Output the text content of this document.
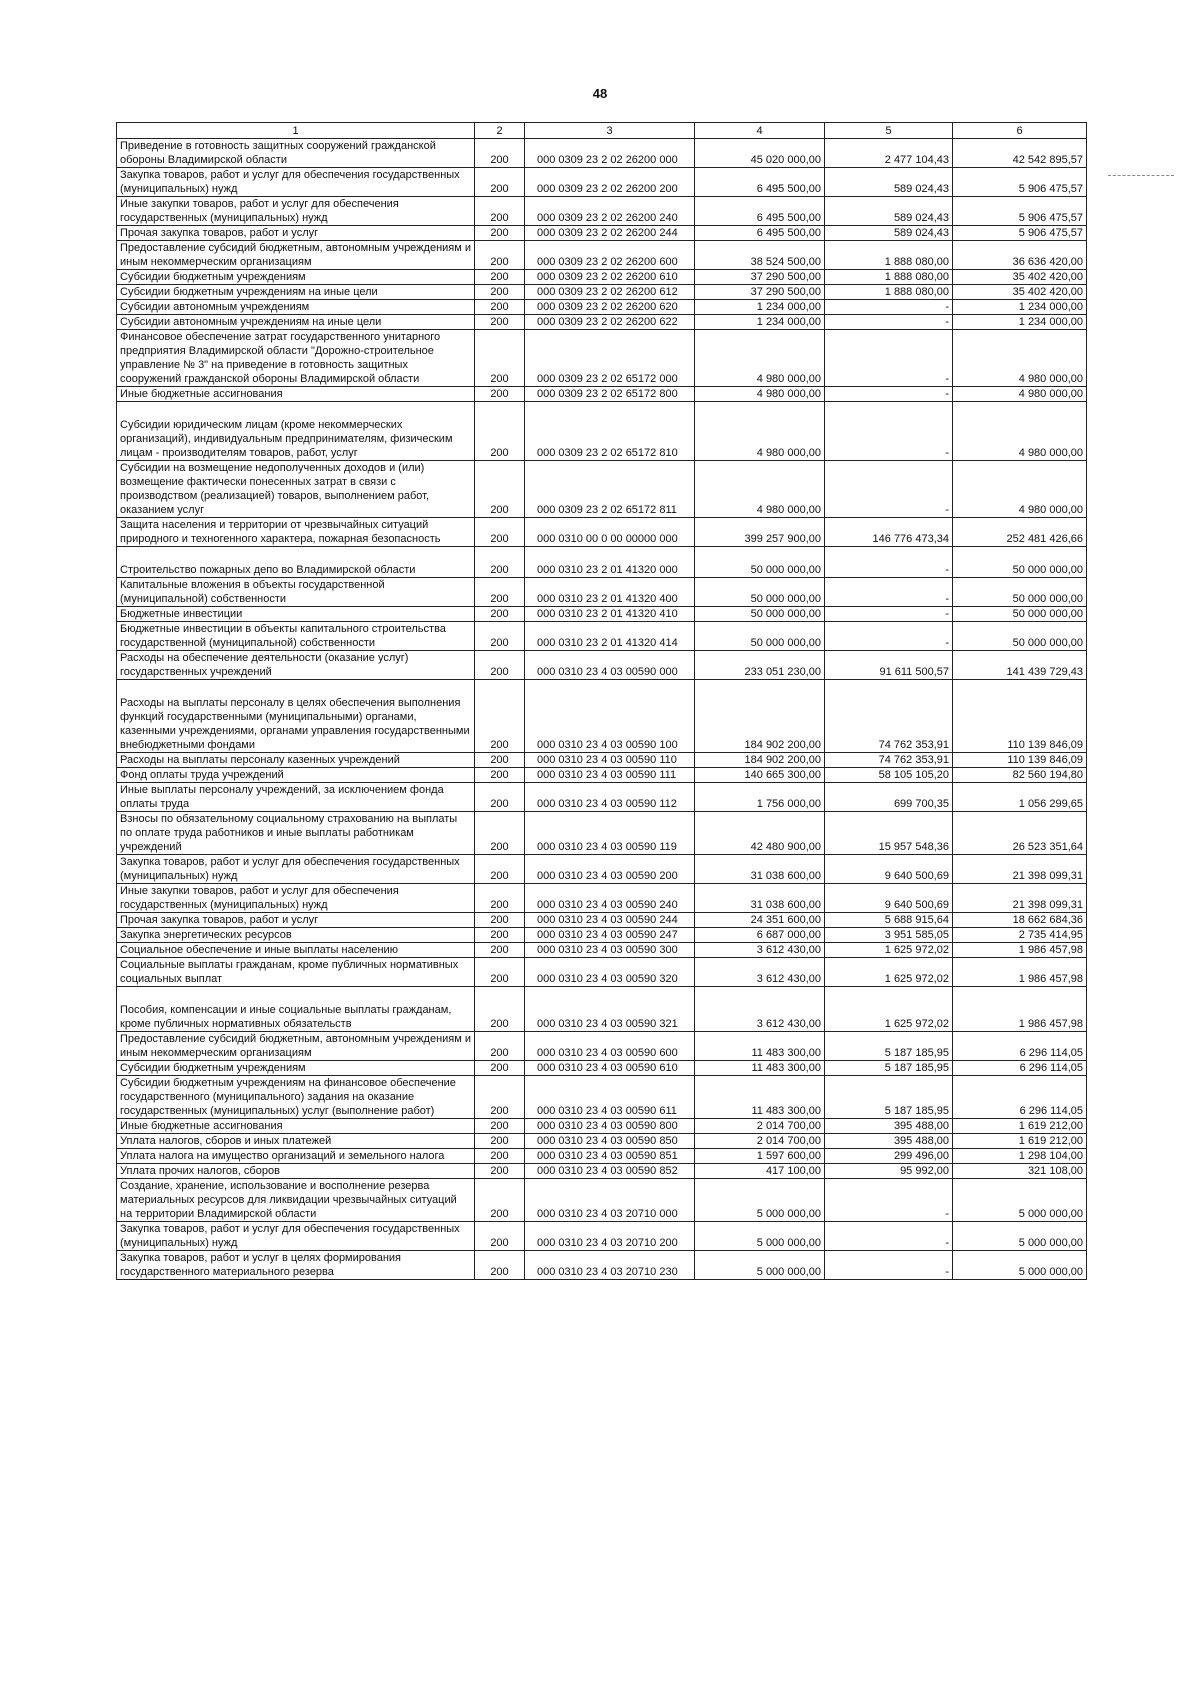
48
1	2	3	4	5	6
Приведение в готовность защитных сооружений гражданской обороны Владимирской области	200	000 0309 23 2 02 26200 000	45 020 000,00	2 477 104,43	42 542 895,57
Закупка товаров, работ и услуг для обеспечения государственных (муниципальных) нужд	200	000 0309 23 2 02 26200 200	6 495 500,00	589 024,43	5 906 475,57
Иные закупки товаров, работ и услуг для обеспечения государственных (муниципальных) нужд	200	000 0309 23 2 02 26200 240	6 495 500,00	589 024,43	5 906 475,57
Прочая закупка товаров, работ и услуг	200	000 0309 23 2 02 26200 244	6 495 500,00	589 024,43	5 906 475,57
Предоставление субсидий бюджетным, автономным учреждениям и иным некоммерческим организациям	200	000 0309 23 2 02 26200 600	38 524 500,00	1 888 080,00	36 636 420,00
Субсидии бюджетным учреждениям	200	000 0309 23 2 02 26200 610	37 290 500,00	1 888 080,00	35 402 420,00
Субсидии бюджетным учреждениям на иные цели	200	000 0309 23 2 02 26200 612	37 290 500,00	1 888 080,00	35 402 420,00
Субсидии автономным учреждениям	200	000 0309 23 2 02 26200 620	1 234 000,00	-	1 234 000,00
Субсидии автономным учреждениям на иные цели	200	000 0309 23 2 02 26200 622	1 234 000,00	-	1 234 000,00
Финансовое обеспечение затрат государственного унитарного предприятия Владимирской области "Дорожно-строительное управление № 3" на приведение в готовность защитных сооружений гражданской обороны Владимирской области	200	000 0309 23 2 02 65172 000	4 980 000,00	-	4 980 000,00
Иные бюджетные ассигнования	200	000 0309 23 2 02 65172 800	4 980 000,00	-	4 980 000,00
Субсидии юридическим лицам (кроме некоммерческих организаций), индивидуальным предпринимателям, физическим лицам - производителям товаров, работ, услуг	200	000 0309 23 2 02 65172 810	4 980 000,00	-	4 980 000,00
Субсидии на возмещение недополученных доходов и (или) возмещение фактически понесенных затрат в связи с производством (реализацией) товаров, выполнением работ, оказанием услуг	200	000 0309 23 2 02 65172 811	4 980 000,00	-	4 980 000,00
Защита населения и территории от чрезвычайных ситуаций природного и техногенного характера, пожарная безопасность	200	000 0310 00 0 00 00000 000	399 257 900,00	146 776 473,34	252 481 426,66
Строительство пожарных депо во Владимирской области	200	000 0310 23 2 01 41320 000	50 000 000,00	-	50 000 000,00
Капитальные вложения в объекты государственной (муниципальной) собственности	200	000 0310 23 2 01 41320 400	50 000 000,00	-	50 000 000,00
Бюджетные инвестиции	200	000 0310 23 2 01 41320 410	50 000 000,00	-	50 000 000,00
Бюджетные инвестиции в объекты капитального строительства государственной (муниципальной) собственности	200	000 0310 23 2 01 41320 414	50 000 000,00	-	50 000 000,00
Расходы на обеспечение деятельности (оказание услуг) государственных учреждений	200	000 0310 23 4 03 00590 000	233 051 230,00	91 611 500,57	141 439 729,43
Расходы на выплаты персоналу в целях обеспечения выполнения функций государственными (муниципальными) органами, казенными учреждениями, органами управления государственными внебюджетными фондами	200	000 0310 23 4 03 00590 100	184 902 200,00	74 762 353,91	110 139 846,09
Расходы на выплаты персоналу казенных учреждений	200	000 0310 23 4 03 00590 110	184 902 200,00	74 762 353,91	110 139 846,09
Фонд оплаты труда учреждений	200	000 0310 23 4 03 00590 111	140 665 300,00	58 105 105,20	82 560 194,80
Иные выплаты персоналу учреждений, за исключением фонда оплаты труда	200	000 0310 23 4 03 00590 112	1 756 000,00	699 700,35	1 056 299,65
Взносы по обязательному социальному страхованию на выплаты по оплате труда работников и иные выплаты работникам учреждений	200	000 0310 23 4 03 00590 119	42 480 900,00	15 957 548,36	26 523 351,64
Закупка товаров, работ и услуг для обеспечения государственных (муниципальных) нужд	200	000 0310 23 4 03 00590 200	31 038 600,00	9 640 500,69	21 398 099,31
Иные закупки товаров, работ и услуг для обеспечения государственных (муниципальных) нужд	200	000 0310 23 4 03 00590 240	31 038 600,00	9 640 500,69	21 398 099,31
Прочая закупка товаров, работ и услуг	200	000 0310 23 4 03 00590 244	24 351 600,00	5 688 915,64	18 662 684,36
Закупка энергетических ресурсов	200	000 0310 23 4 03 00590 247	6 687 000,00	3 951 585,05	2 735 414,95
Социальное обеспечение и иные выплаты населению	200	000 0310 23 4 03 00590 300	3 612 430,00	1 625 972,02	1 986 457,98
Социальные выплаты гражданам, кроме публичных нормативных социальных выплат	200	000 0310 23 4 03 00590 320	3 612 430,00	1 625 972,02	1 986 457,98
Пособия, компенсации и иные социальные выплаты гражданам, кроме публичных нормативных обязательств	200	000 0310 23 4 03 00590 321	3 612 430,00	1 625 972,02	1 986 457,98
Предоставление субсидий бюджетным, автономным учреждениям и иным некоммерческим организациям	200	000 0310 23 4 03 00590 600	11 483 300,00	5 187 185,95	6 296 114,05
Субсидии бюджетным учреждениям	200	000 0310 23 4 03 00590 610	11 483 300,00	5 187 185,95	6 296 114,05
Субсидии бюджетным учреждениям на финансовое обеспечение государственного (муниципального) задания на оказание государственных (муниципальных) услуг (выполнение работ)	200	000 0310 23 4 03 00590 611	11 483 300,00	5 187 185,95	6 296 114,05
Иные бюджетные ассигнования	200	000 0310 23 4 03 00590 800	2 014 700,00	395 488,00	1 619 212,00
Уплата налогов, сборов и иных платежей	200	000 0310 23 4 03 00590 850	2 014 700,00	395 488,00	1 619 212,00
Уплата налога на имущество организаций и земельного налога	200	000 0310 23 4 03 00590 851	1 597 600,00	299 496,00	1 298 104,00
Уплата прочих налогов, сборов	200	000 0310 23 4 03 00590 852	417 100,00	95 992,00	321 108,00
Создание, хранение, использование и восполнение резерва материальных ресурсов для ликвидации чрезвычайных ситуаций на территории Владимирской области	200	000 0310 23 4 03 20710 000	5 000 000,00	-	5 000 000,00
Закупка товаров, работ и услуг для обеспечения государственных (муниципальных) нужд	200	000 0310 23 4 03 20710 200	5 000 000,00	-	5 000 000,00
Закупка товаров, работ и услуг в целях формирования государственного материального резерва	200	000 0310 23 4 03 20710 230	5 000 000,00	-	5 000 000,00
